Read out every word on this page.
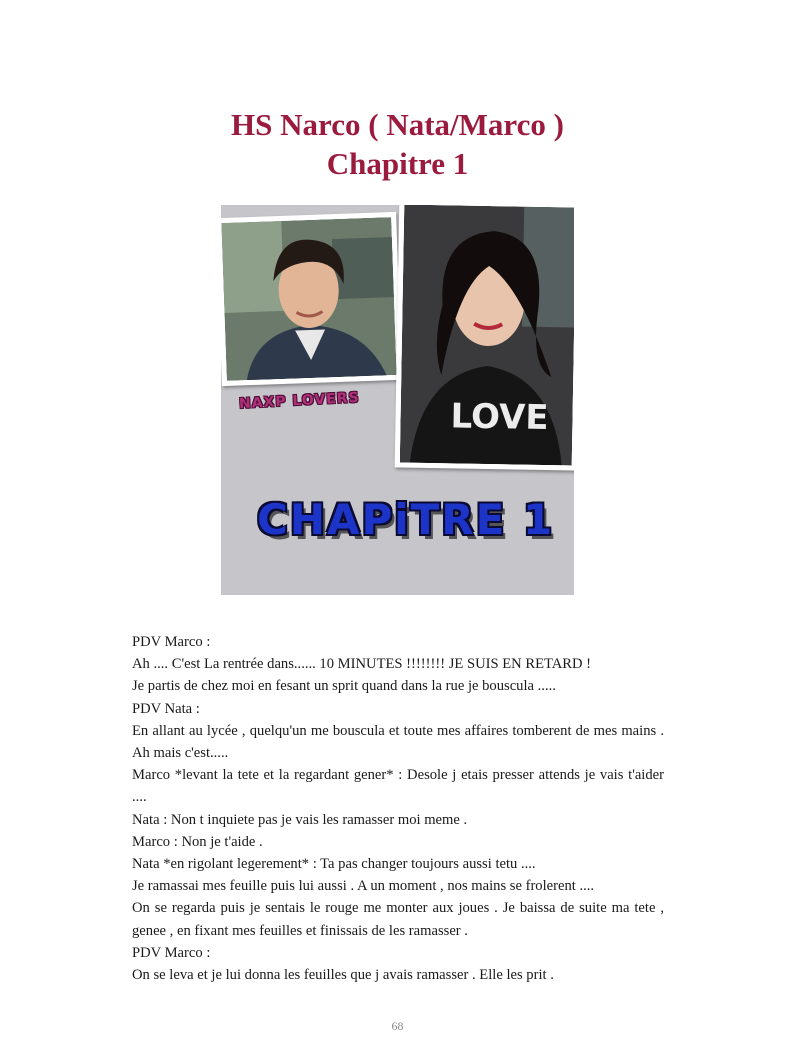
HS Narco ( Nata/Marco )
Chapitre 1
LOVE
NAXP LOVERS
CHAPiTRE 1

PDV Marco :

Ah .... C'est La rentrée dans...... 10 MINUTES !!!!!!!! JE SUIS EN RETARD !

Je partis de chez moi en fesant un sprit quand dans la rue je bouscula .....

PDV Nata :

En allant au lycée , quelqu'un me bouscula et toute mes affaires tomberent de mes mains . Ah mais c'est.....

Marco *levant la tete et la regardant gener* : Desole j etais presser attends je vais t'aider ....

Nata : Non t inquiete pas je vais les ramasser moi meme .

Marco : Non je t'aide .

Nata *en rigolant legerement* : Ta pas changer toujours aussi tetu ....

Je ramassai mes feuille puis lui aussi . A un moment , nos mains se frolerent ....

On se regarda puis je sentais le rouge me monter aux joues . Je baissa de suite ma tete , genee , en fixant mes feuilles et finissais de les ramasser .

PDV Marco :

On se leva et je lui donna les feuilles que j avais ramasser . Elle les prit .

68
